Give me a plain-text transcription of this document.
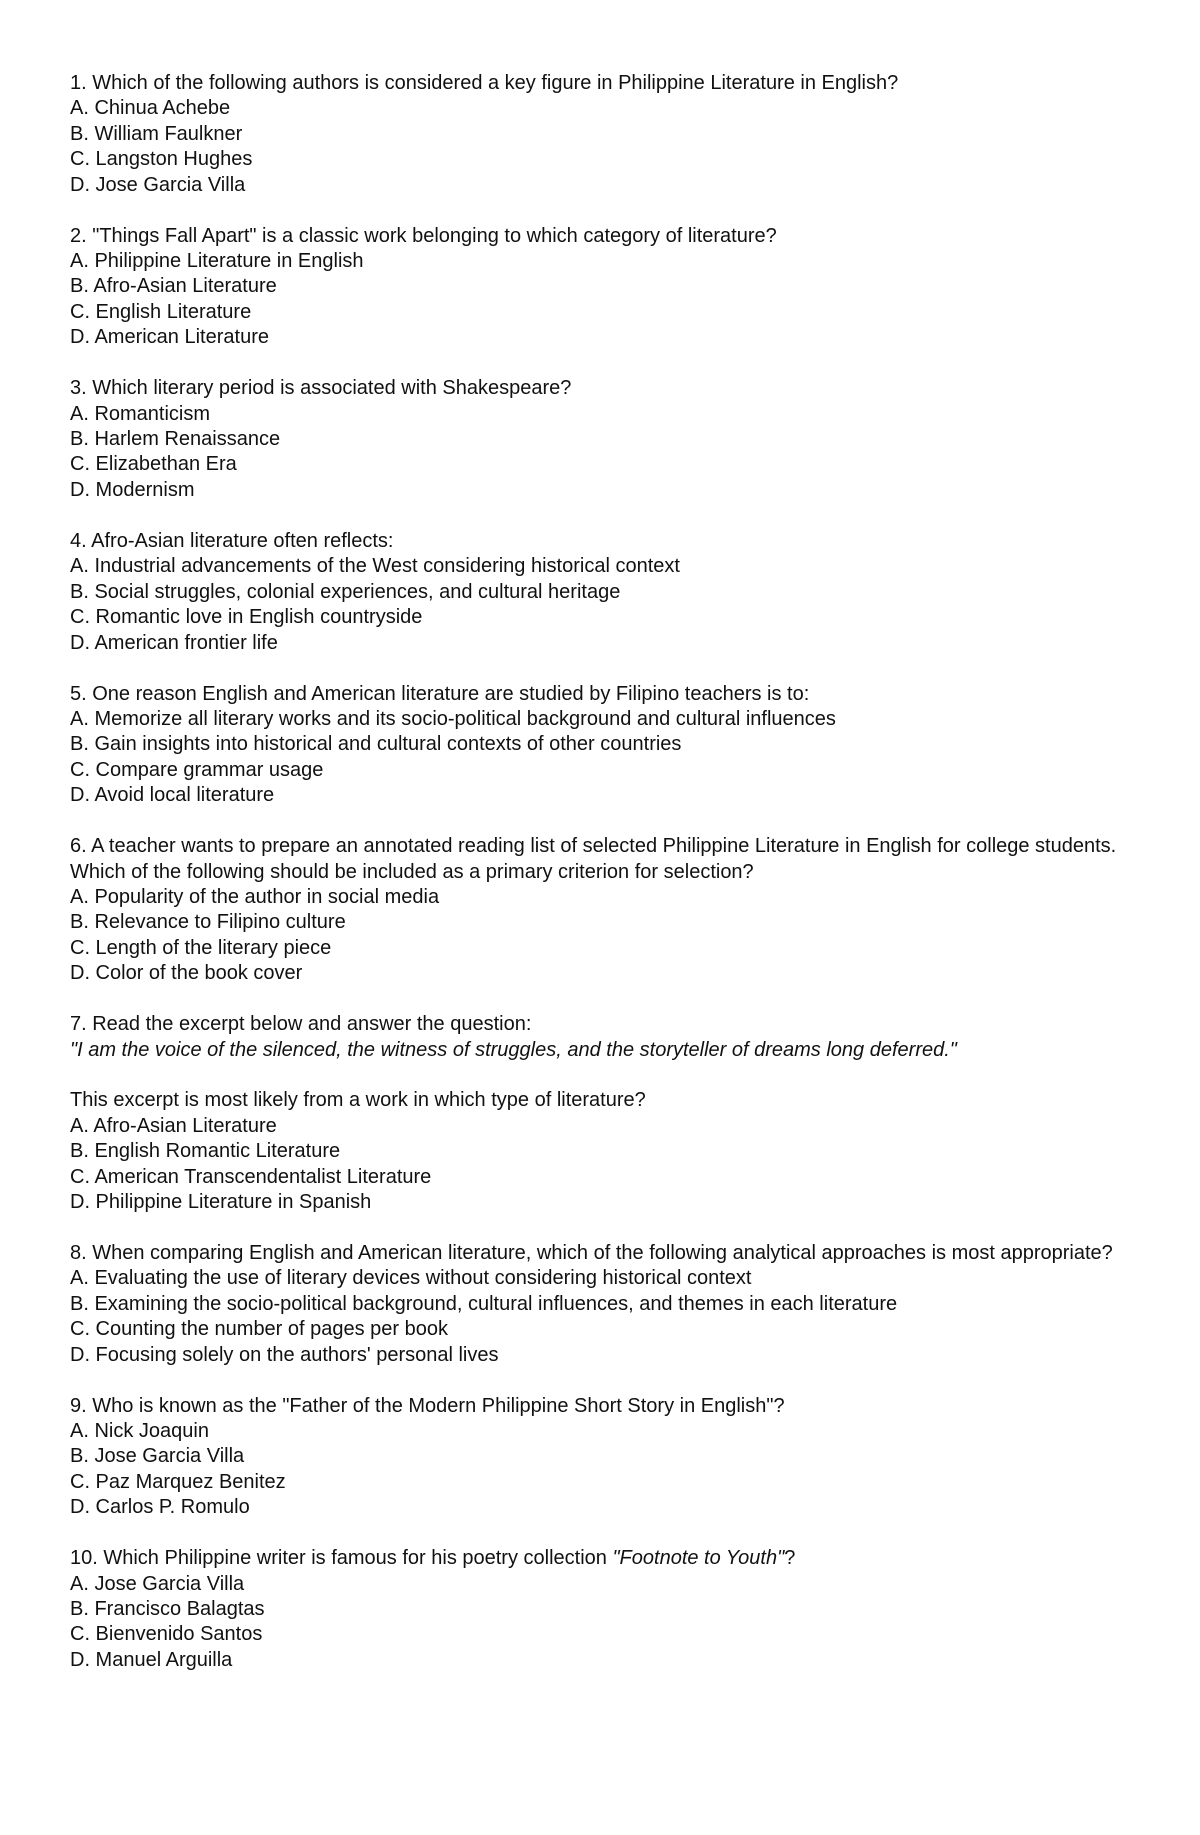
1. Which of the following authors is considered a key figure in Philippine Literature in English?
A. Chinua Achebe
B. William Faulkner
C. Langston Hughes
D. Jose Garcia Villa
2. "Things Fall Apart" is a classic work belonging to which category of literature?
A. Philippine Literature in English
B. Afro-Asian Literature
C. English Literature
D. American Literature
3. Which literary period is associated with Shakespeare?
A. Romanticism
B. Harlem Renaissance
C. Elizabethan Era
D. Modernism
4. Afro-Asian literature often reflects:
A. Industrial advancements of the West considering historical context
B. Social struggles, colonial experiences, and cultural heritage
C. Romantic love in English countryside
D. American frontier life
5. One reason English and American literature are studied by Filipino teachers is to:
A. Memorize all literary works and its socio-political background and cultural influences
B. Gain insights into historical and cultural contexts of other countries
C. Compare grammar usage
D. Avoid local literature
6. A teacher wants to prepare an annotated reading list of selected Philippine Literature in English for college students. Which of the following should be included as a primary criterion for selection?
A. Popularity of the author in social media
B. Relevance to Filipino culture
C. Length of the literary piece
D. Color of the book cover
7. Read the excerpt below and answer the question:
"I am the voice of the silenced, the witness of struggles, and the storyteller of dreams long deferred."
This excerpt is most likely from a work in which type of literature?
A. Afro-Asian Literature
B. English Romantic Literature
C. American Transcendentalist Literature
D. Philippine Literature in Spanish
8. When comparing English and American literature, which of the following analytical approaches is most appropriate?
A. Evaluating the use of literary devices without considering historical context
B. Examining the socio-political background, cultural influences, and themes in each literature
C. Counting the number of pages per book
D. Focusing solely on the authors' personal lives
9. Who is known as the "Father of the Modern Philippine Short Story in English"?
A. Nick Joaquin
B. Jose Garcia Villa
C. Paz Marquez Benitez
D. Carlos P. Romulo
10. Which Philippine writer is famous for his poetry collection "Footnote to Youth"?
A. Jose Garcia Villa
B. Francisco Balagtas
C. Bienvenido Santos
D. Manuel Arguilla
